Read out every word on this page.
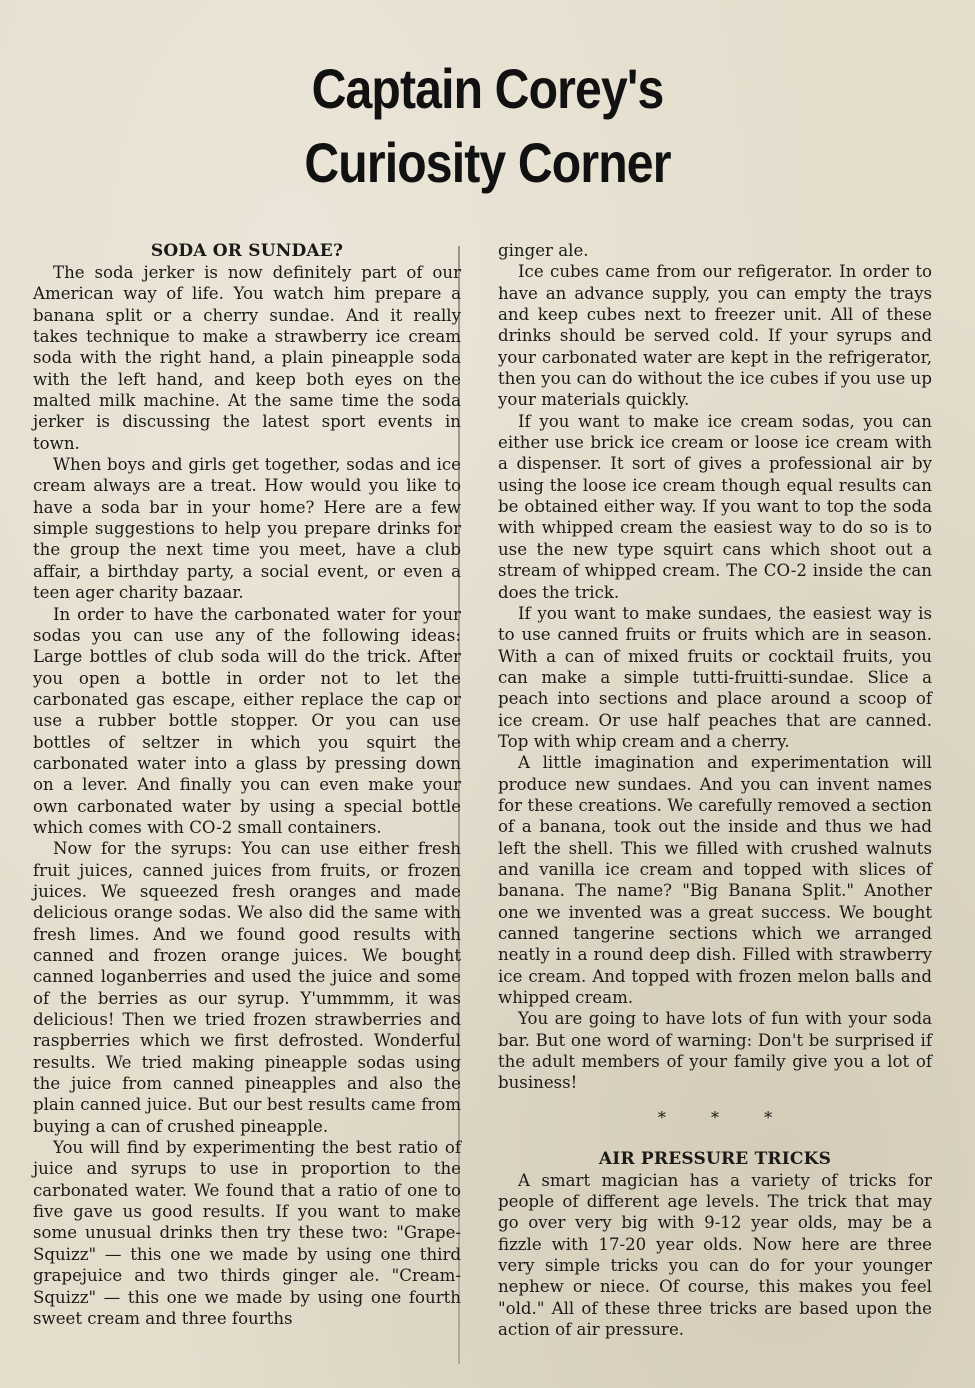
Captain Corey's
Curiosity Corner
SODA OR SUNDAE?

The soda jerker is now definitely part of our American way of life. You watch him prepare a banana split or a cherry sundae. And it really takes technique to make a strawberry ice cream soda with the right hand, a plain pineapple soda with the left hand, and keep both eyes on the malted milk machine. At the same time the soda jerker is discussing the latest sport events in town.

When boys and girls get together, sodas and ice cream always are a treat. How would you like to have a soda bar in your home? Here are a few simple suggestions to help you prepare drinks for the group the next time you meet, have a club affair, a birthday party, a social event, or even a teen ager charity bazaar.

In order to have the carbonated water for your sodas you can use any of the following ideas: Large bottles of club soda will do the trick. After you open a bottle in order not to let the carbonated gas escape, either replace the cap or use a rubber bottle stopper. Or you can use bottles of seltzer in which you squirt the carbonated water into a glass by pressing down on a lever. And finally you can even make your own carbonated water by using a special bottle which comes with CO-2 small containers.

Now for the syrups: You can use either fresh fruit juices, canned juices from fruits, or frozen juices. We squeezed fresh oranges and made delicious orange sodas. We also did the same with fresh limes. And we found good results with canned and frozen orange juices. We bought canned loganberries and used the juice and some of the berries as our syrup. Y'ummmm, it was delicious! Then we tried frozen strawberries and raspberries which we first defrosted. Wonderful results. We tried making pineapple sodas using the juice from canned pineapples and also the plain canned juice. But our best results came from buying a can of crushed pineapple.

You will find by experimenting the best ratio of juice and syrups to use in proportion to the carbonated water. We found that a ratio of one to five gave us good results. If you want to make some unusual drinks then try these two: "Grape-Squizz" — this one we made by using one third grapejuice and two thirds ginger ale. "Cream-Squizz" — this one we made by using one fourth sweet cream and three fourths

ginger ale.

Ice cubes came from our refigerator. In order to have an advance supply, you can empty the trays and keep cubes next to freezer unit. All of these drinks should be served cold. If your syrups and your carbonated water are kept in the refrigerator, then you can do without the ice cubes if you use up your materials quickly.

If you want to make ice cream sodas, you can either use brick ice cream or loose ice cream with a dispenser. It sort of gives a professional air by using the loose ice cream though equal results can be obtained either way. If you want to top the soda with whipped cream the easiest way to do so is to use the new type squirt cans which shoot out a stream of whipped cream. The CO-2 inside the can does the trick.

If you want to make sundaes, the easiest way is to use canned fruits or fruits which are in season. With a can of mixed fruits or cocktail fruits, you can make a simple tutti-fruitti-sundae. Slice a peach into sections and place around a scoop of ice cream. Or use half peaches that are canned. Top with whip cream and a cherry.

A little imagination and experimentation will produce new sundaes. And you can invent names for these creations. We carefully removed a section of a banana, took out the inside and thus we had left the shell. This we filled with crushed walnuts and vanilla ice cream and topped with slices of banana. The name? "Big Banana Split." Another one we invented was a great success. We bought canned tangerine sections which we arranged neatly in a round deep dish. Filled with strawberry ice cream. And topped with frozen melon balls and whipped cream.

You are going to have lots of fun with your soda bar. But one word of warning: Don't be surprised if the adult members of your family give you a lot of business!

* * *
AIR PRESSURE TRICKS

A smart magician has a variety of tricks for people of different age levels. The trick that may go over very big with 9-12 year olds, may be a fizzle with 17-20 year olds. Now here are three very simple tricks you can do for your younger nephew or niece. Of course, this makes you feel "old." All of these three tricks are based upon the action of air pressure.
